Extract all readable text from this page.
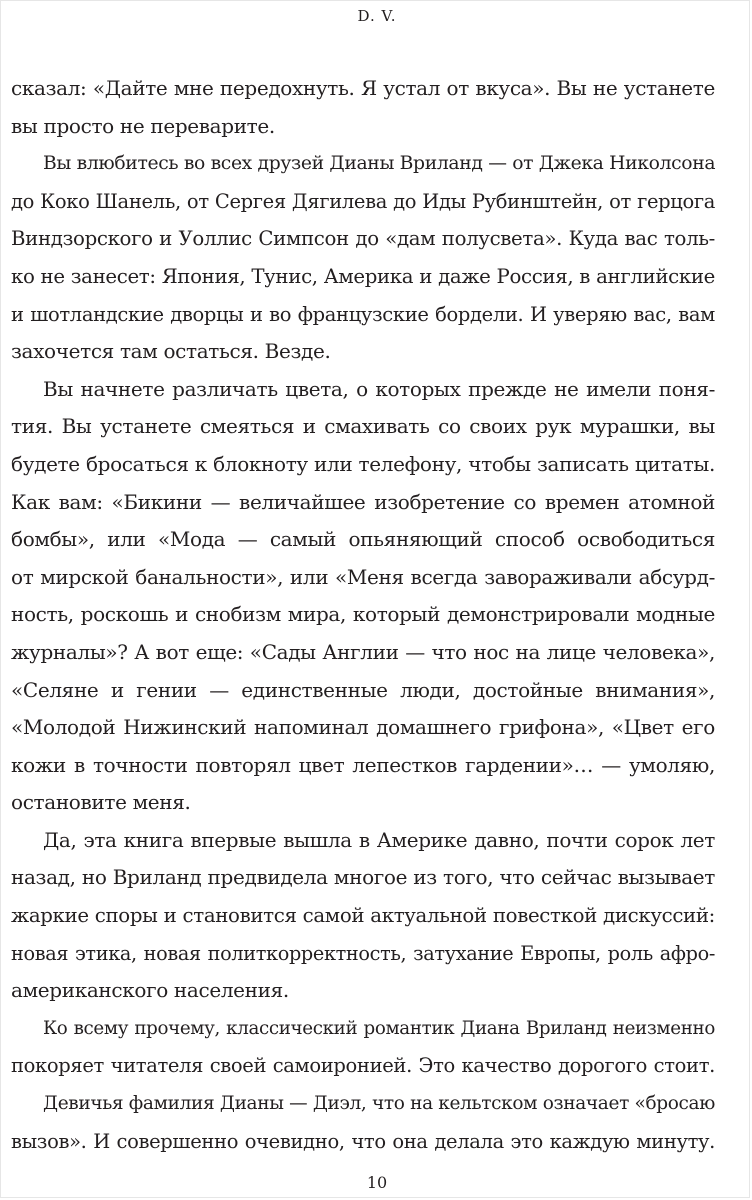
D. V.
сказал: «Дайте мне передохнуть. Я устал от вкуса». Вы не устанете
вы просто не переварите.
Вы влюбитесь во всех друзей Дианы Вриланд — от Джека Николсона
до Коко Шанель, от Сергея Дягилева до Иды Рубинштейн, от герцога
Виндзорского и Уоллис Симпсон до «дам полусвета». Куда вас толь-
ко не занесет: Япония, Тунис, Америка и даже Россия, в английские
и шотландские дворцы и во французские бордели. И уверяю вас, вам
захочется там остаться. Везде.
Вы начнете различать цвета, о которых прежде не имели поня-
тия. Вы устанете смеяться и смахивать со своих рук мурашки, вы
будете бросаться к блокноту или телефону, чтобы записать цитаты.
Как вам: «Бикини — величайшее изобретение со времен атомной
бомбы», или «Мода — самый опьяняющий способ освободиться
от мирской банальности», или «Меня всегда завораживали абсурд-
ность, роскошь и снобизм мира, который демонстрировали модные
журналы»? А вот еще: «Сады Англии — что нос на лице человека»,
«Селяне и гении — единственные люди, достойные внимания»,
«Молодой Нижинский напоминал домашнего грифона», «Цвет его
кожи в точности повторял цвет лепестков гардении»… — умоляю,
остановите меня.
Да, эта книга впервые вышла в Америке давно, почти сорок лет
назад, но Вриланд предвидела многое из того, что сейчас вызывает
жаркие споры и становится самой актуальной повесткой дискуссий:
новая этика, новая политкорректность, затухание Европы, роль афро-
американского населения.
Ко всему прочему, классический романтик Диана Вриланд неизменно
покоряет читателя своей самоиронией. Это качество дорогого стоит.
Девичья фамилия Дианы — Диэл, что на кельтском означает «бросаю
вызов». И совершенно очевидно, что она делала это каждую минуту.
10
